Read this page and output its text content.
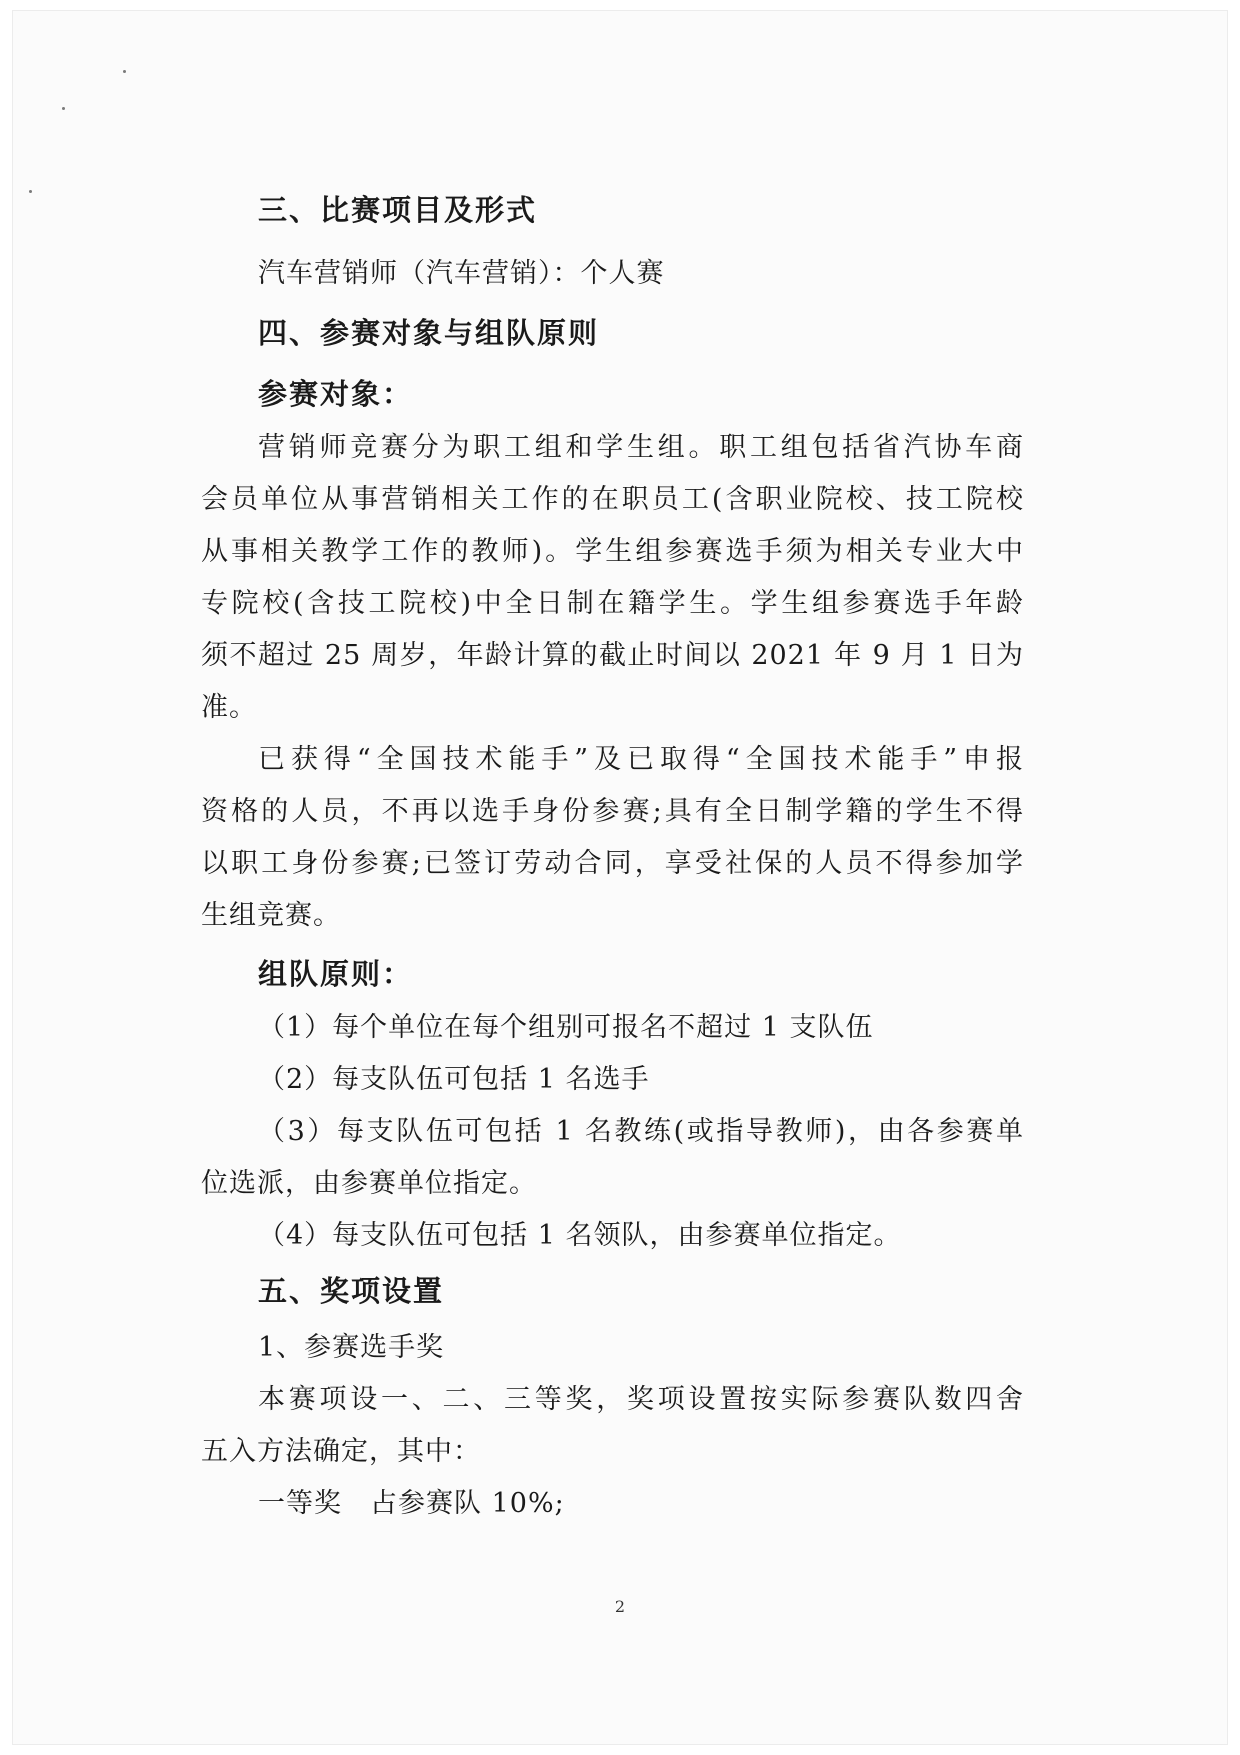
三、比赛项目及形式
汽车营销师（汽车营销）：个人赛
四、参赛对象与组队原则
参赛对象：
营销师竞赛分为职工组和学生组。职工组包括省汽协车商
会员单位从事营销相关工作的在职员工(含职业院校、技工院校
从事相关教学工作的教师)。学生组参赛选手须为相关专业大中
专院校(含技工院校)中全日制在籍学生。学生组参赛选手年龄
须不超过 25 周岁，年龄计算的截止时间以 2021 年 9 月 1 日为
准。
已获得“全国技术能手”及已取得“全国技术能手”申报
资格的人员，不再以选手身份参赛;具有全日制学籍的学生不得
以职工身份参赛;已签订劳动合同，享受社保的人员不得参加学
生组竞赛。
组队原则：
（1）每个单位在每个组别可报名不超过 1 支队伍
（2）每支队伍可包括 1 名选手
（3）每支队伍可包括 1 名教练(或指导教师)，由各参赛单
位选派，由参赛单位指定。
（4）每支队伍可包括 1 名领队，由参赛单位指定。
五、奖项设置
1、参赛选手奖
本赛项设一、二、三等奖，奖项设置按实际参赛队数四舍
五入方法确定，其中：
一等奖　占参赛队 10%;
2
